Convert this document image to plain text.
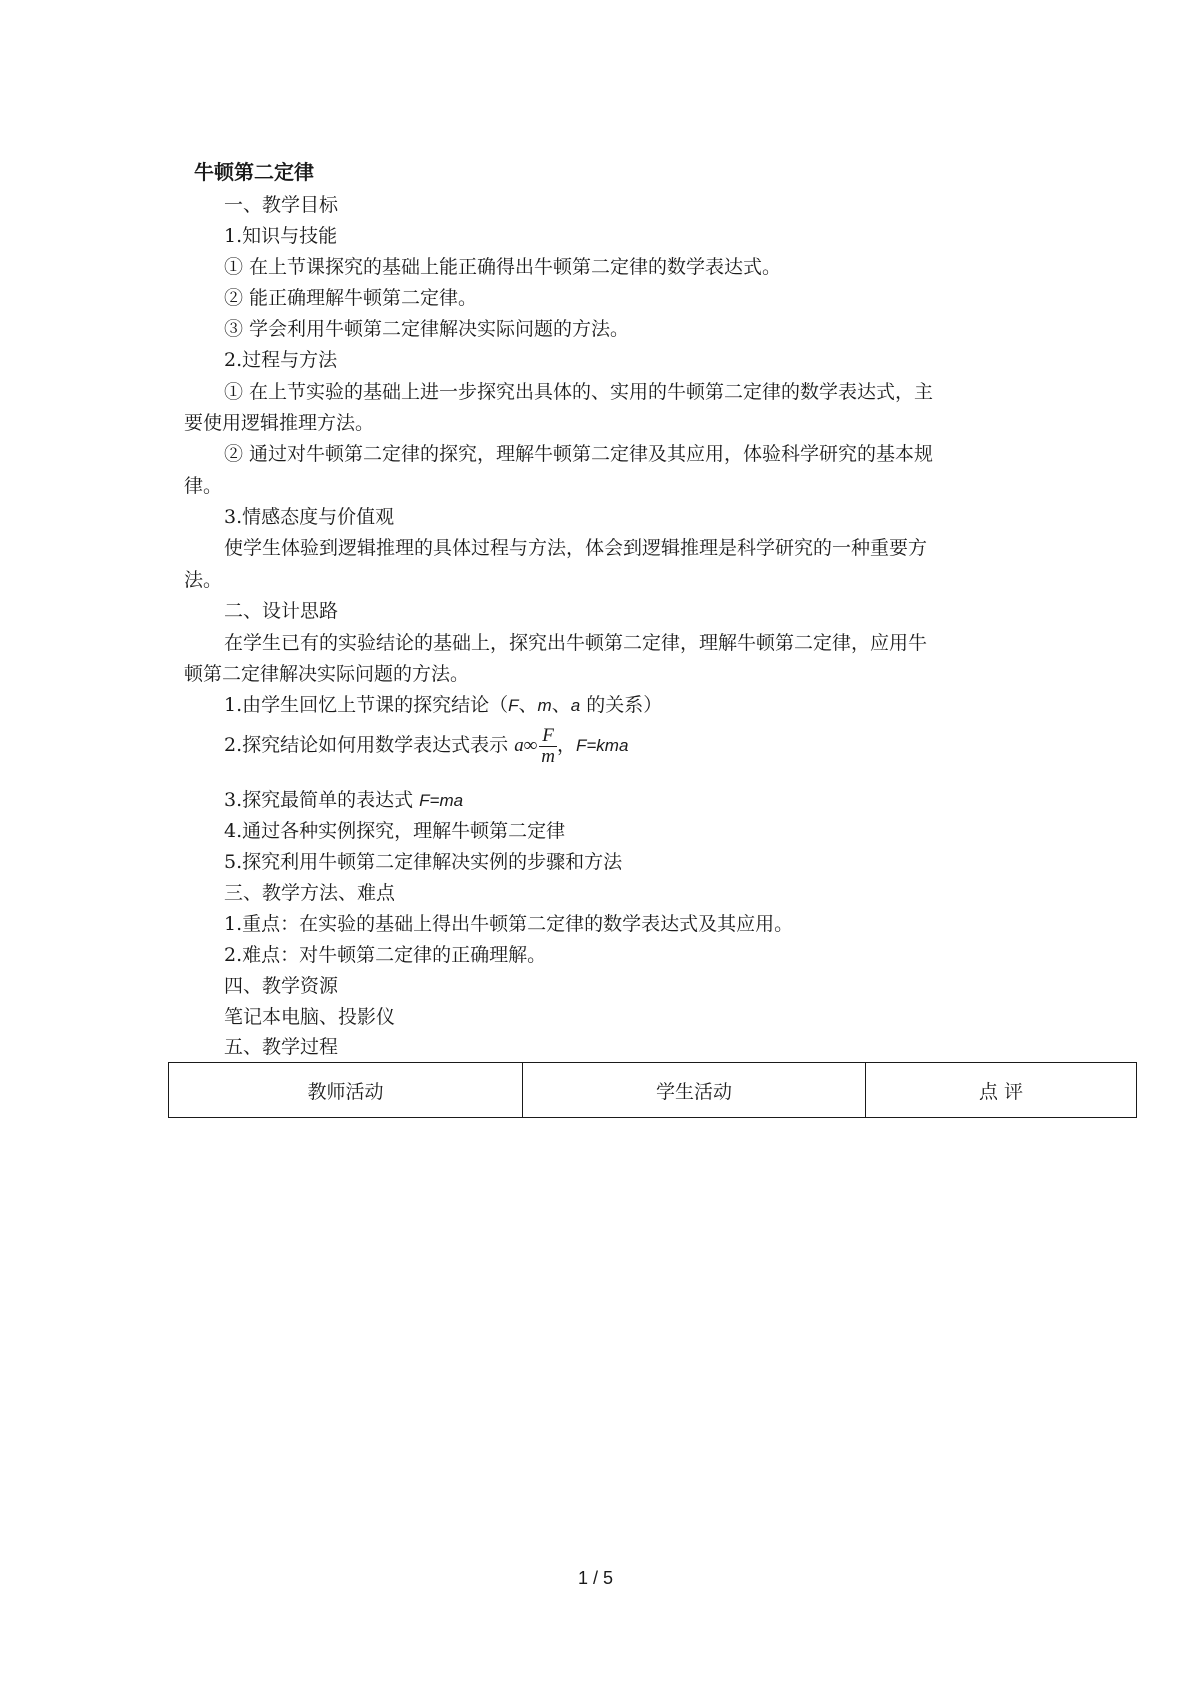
牛顿第二定律
一、教学目标
1.知识与技能
① 在上节课探究的基础上能正确得出牛顿第二定律的数学表达式。
② 能正确理解牛顿第二定律。
③ 学会利用牛顿第二定律解决实际问题的方法。
2.过程与方法
① 在上节实验的基础上进一步探究出具体的、实用的牛顿第二定律的数学表达式，主
要使用逻辑推理方法。
② 通过对牛顿第二定律的探究，理解牛顿第二定律及其应用，体验科学研究的基本规
律。
3.情感态度与价值观
使学生体验到逻辑推理的具体过程与方法，体会到逻辑推理是科学研究的一种重要方
法。
二、设计思路
在学生已有的实验结论的基础上，探究出牛顿第二定律，理解牛顿第二定律，应用牛
顿第二定律解决实际问题的方法。
1.由学生回忆上节课的探究结论（F、m、a 的关系）
2.探究结论如何用数学表达式表示 $a\infty \frac{F}{m}$ ，F=kma
3.探究最简单的表达式 F=ma
4.通过各种实例探究，理解牛顿第二定律
5.探究利用牛顿第二定律解决实例的步骤和方法
三、教学方法、难点
1.重点：在实验的基础上得出牛顿第二定律的数学表达式及其应用。
2.难点：对牛顿第二定律的正确理解。
四、教学资源
笔记本电脑、投影仪
五、教学过程
教师活动	学生活动	点 评
1 / 5
